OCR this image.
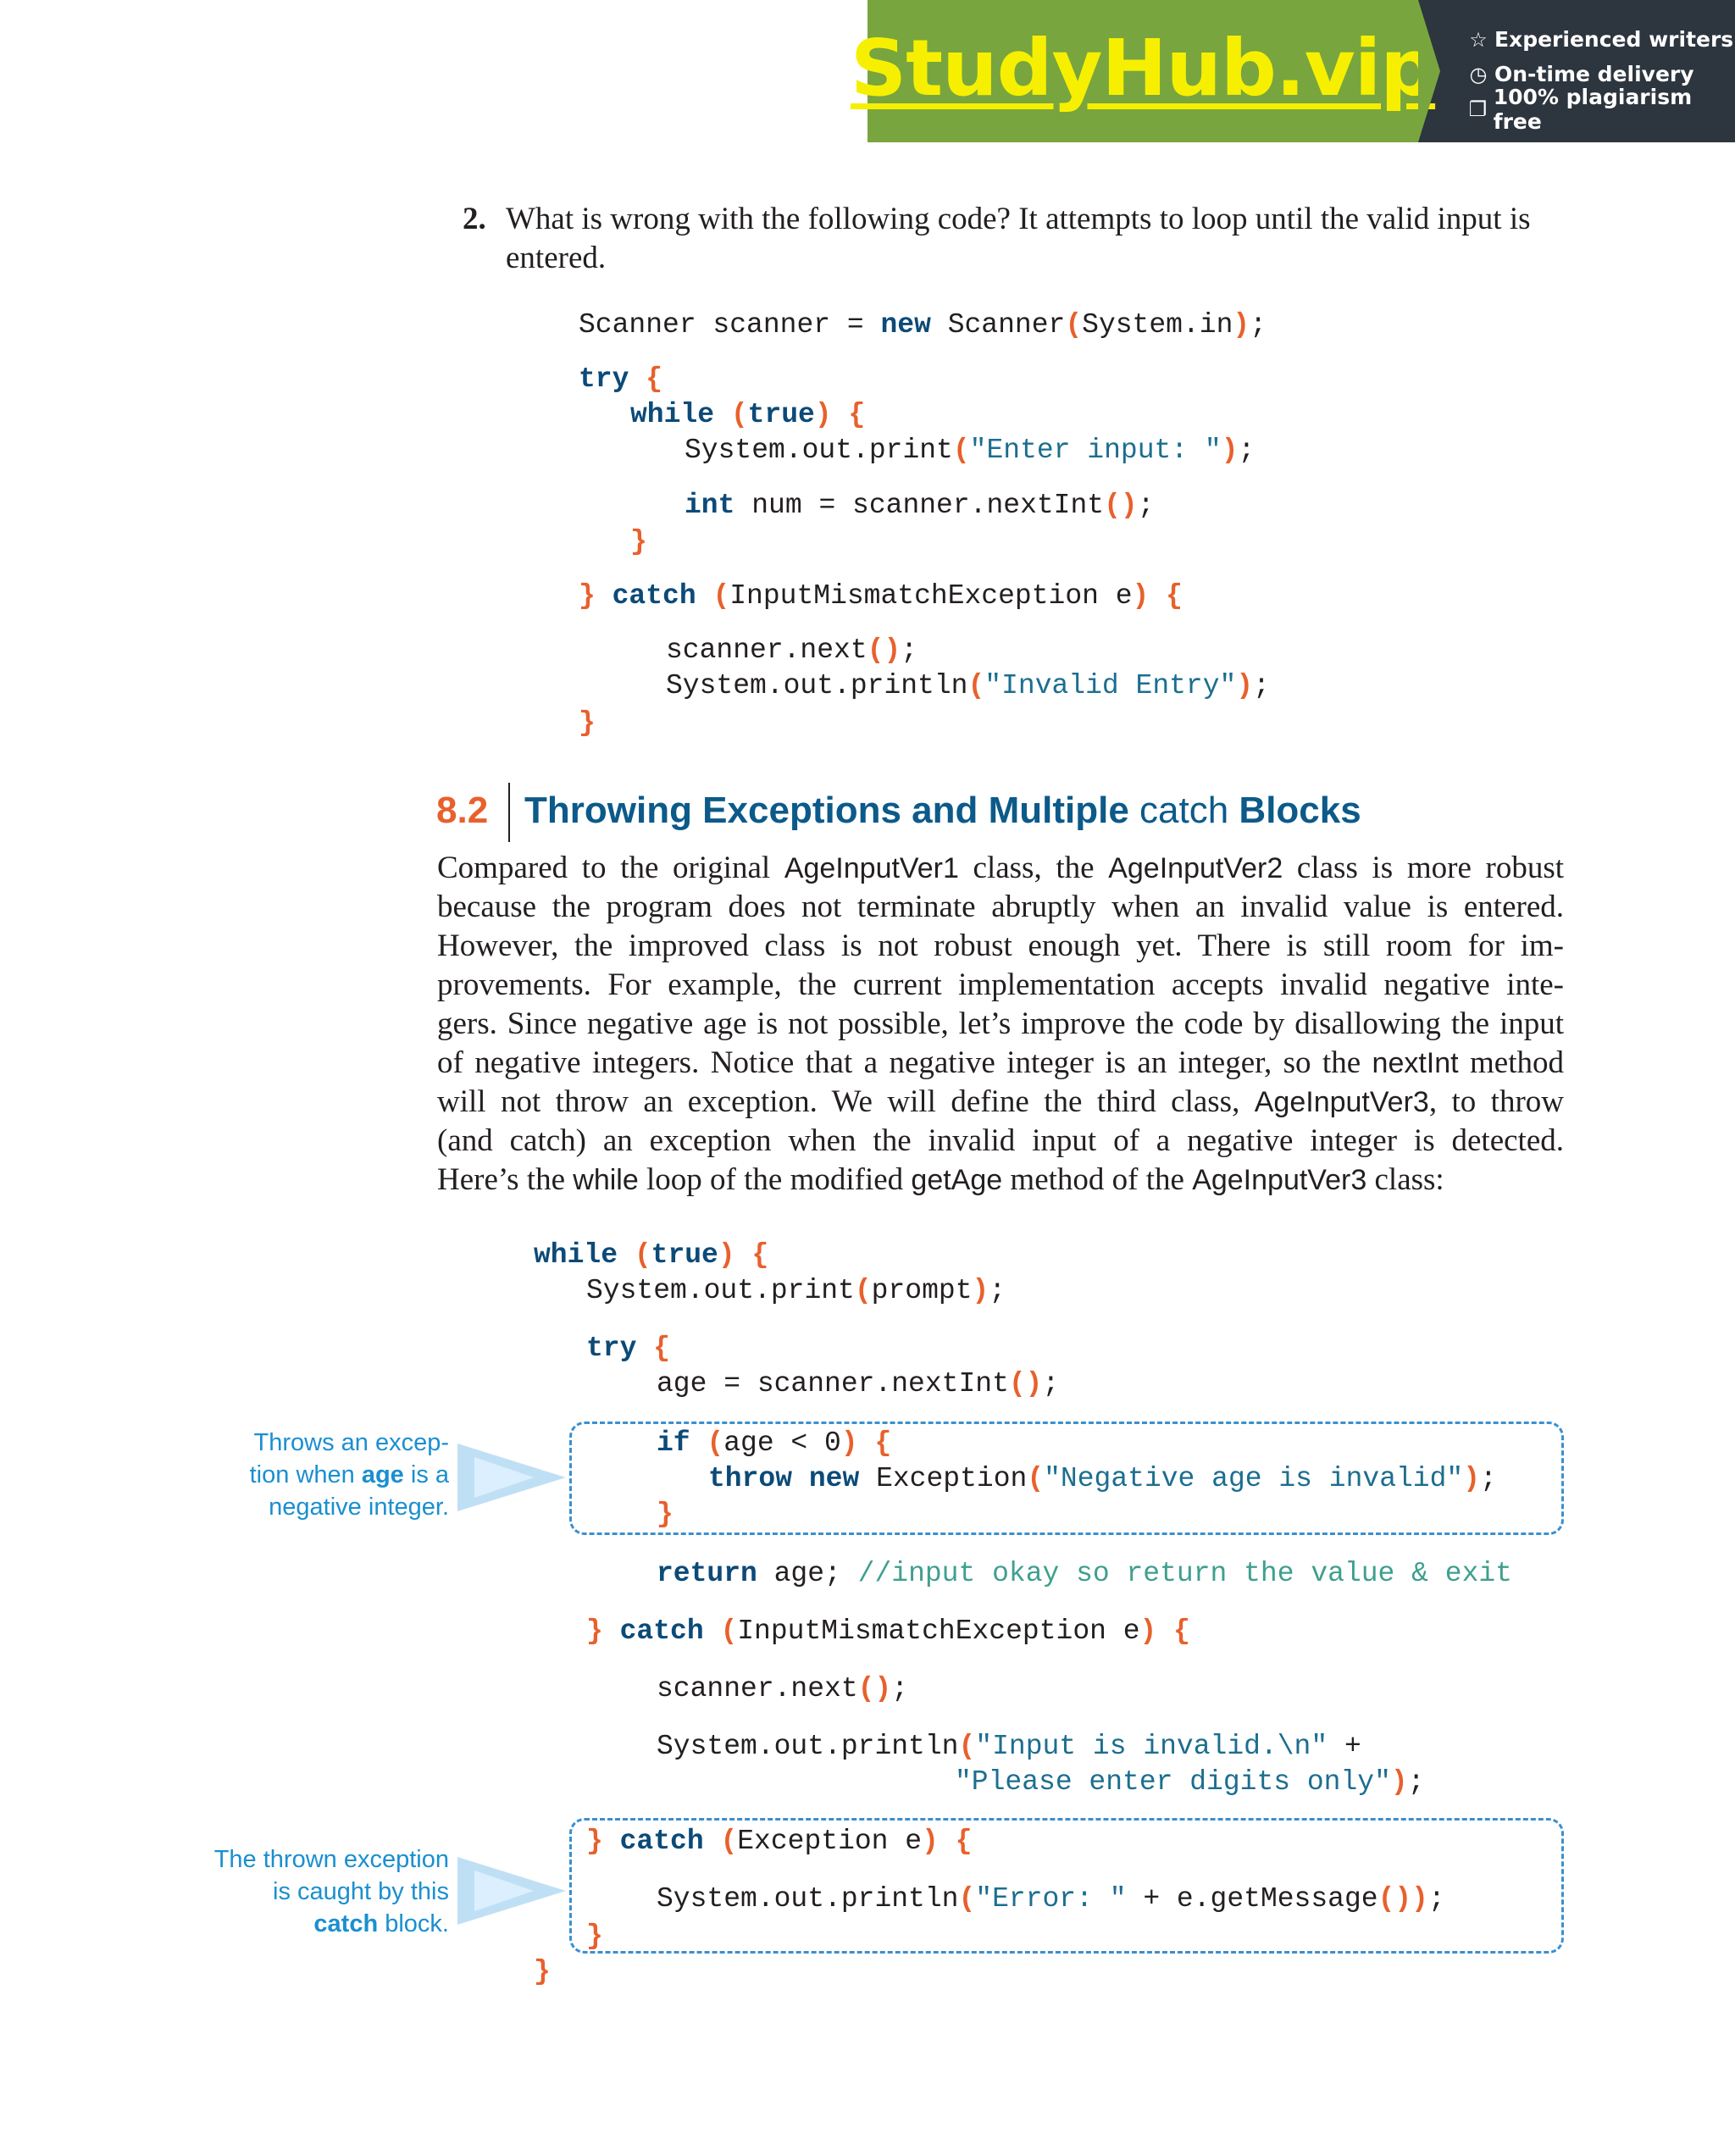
StudyHub.vip ☆ Experienced writers
◷ On-time delivery
❐ 100% plagiarism free
2. What is wrong with the following code? It attempts to loop until the valid input is entered.
Scanner scanner = new Scanner(System.in);
try {
while (true) {
System.out.print("Enter input: ");
int num = scanner.nextInt();
}
} catch (InputMismatchException e) {
scanner.next();
System.out.println("Invalid Entry");
}
8.2 Throwing Exceptions and Multiple catch Blocks
Compared to the original AgeInputVer1 class, the AgeInputVer2 class is more robust
because the program does not terminate abruptly when an invalid value is entered.
However, the improved class is not robust enough yet. There is still room for im-
provements. For example, the current implementation accepts invalid negative inte-
gers. Since negative age is not possible, let’s improve the code by disallowing the input
of negative integers. Notice that a negative integer is an integer, so the nextInt method
will not throw an exception. We will define the third class, AgeInputVer3, to throw
(and catch) an exception when the invalid input of a negative integer is detected.
Here’s the while loop of the modified getAge method of the AgeInputVer3 class:
while (true) {
System.out.print(prompt);
try {
age = scanner.nextInt();
if (age < 0) {
throw new Exception("Negative age is invalid");
}
return age; //input okay so return the value & exit
} catch (InputMismatchException e) {
scanner.next();
System.out.println("Input is invalid.\n" +
"Please enter digits only");
} catch (Exception e) {
System.out.println("Error: " + e.getMessage());
}
}
Throws an excep-
tion when age is a
negative integer.
The thrown exception
is caught by this
catch block.
